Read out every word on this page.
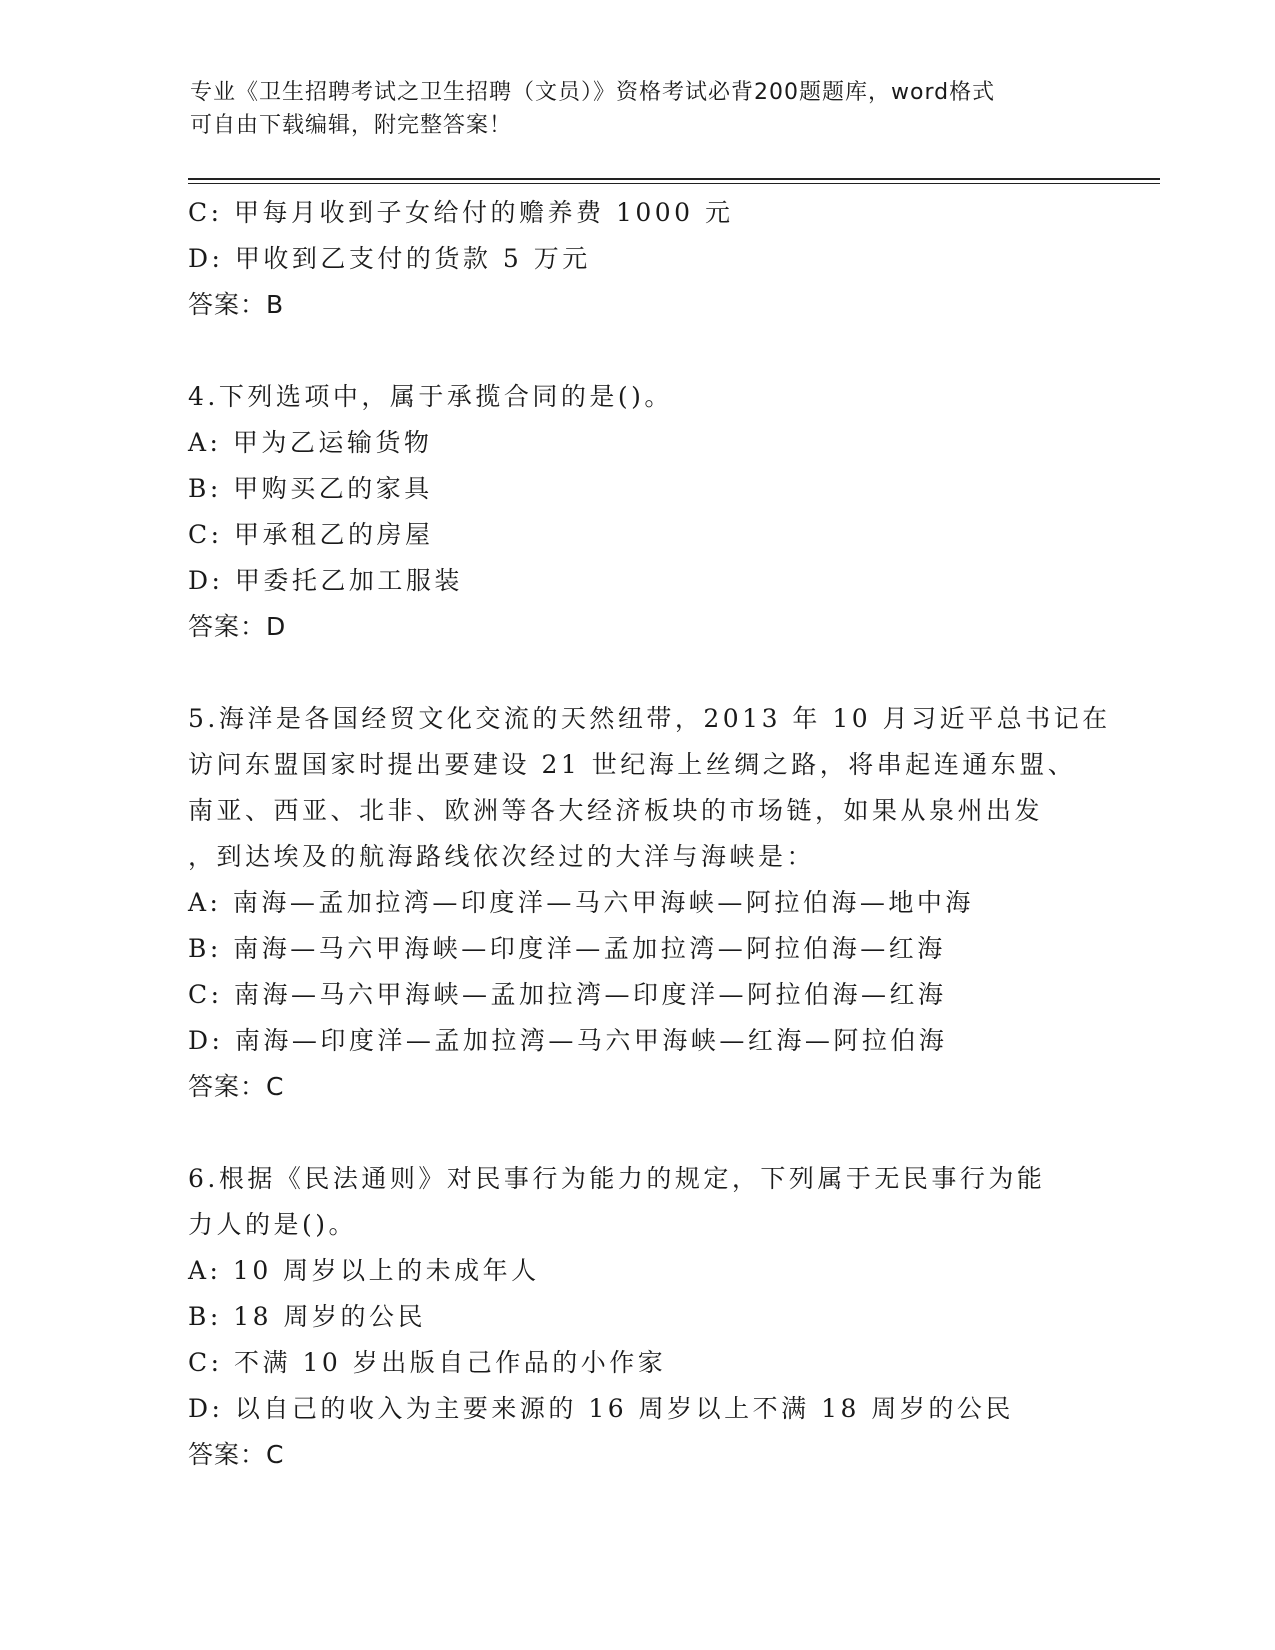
专业《卫生招聘考试之卫生招聘（文员）》资格考试必背200题题库，word格式
可自由下载编辑，附完整答案！
C: 甲每月收到子女给付的赡养费 1000 元
D: 甲收到乙支付的货款 5 万元
答案：B
4.下列选项中，属于承揽合同的是()。
A: 甲为乙运输货物
B: 甲购买乙的家具
C: 甲承租乙的房屋
D: 甲委托乙加工服装
答案：D
5.海洋是各国经贸文化交流的天然纽带，2013 年 10 月习近平总书记在
访问东盟国家时提出要建设 21 世纪海上丝绸之路，将串起连通东盟、
南亚、西亚、北非、欧洲等各大经济板块的市场链，如果从泉州出发
，到达埃及的航海路线依次经过的大洋与海峡是：
A: 南海—孟加拉湾—印度洋—马六甲海峡—阿拉伯海—地中海
B: 南海—马六甲海峡—印度洋—孟加拉湾—阿拉伯海—红海
C: 南海—马六甲海峡—孟加拉湾—印度洋—阿拉伯海—红海
D: 南海—印度洋—孟加拉湾—马六甲海峡—红海—阿拉伯海
答案：C
6.根据《民法通则》对民事行为能力的规定，下列属于无民事行为能
力人的是()。
A: 10 周岁以上的未成年人
B: 18 周岁的公民
C: 不满 10 岁出版自己作品的小作家
D: 以自己的收入为主要来源的 16 周岁以上不满 18 周岁的公民
答案：C
